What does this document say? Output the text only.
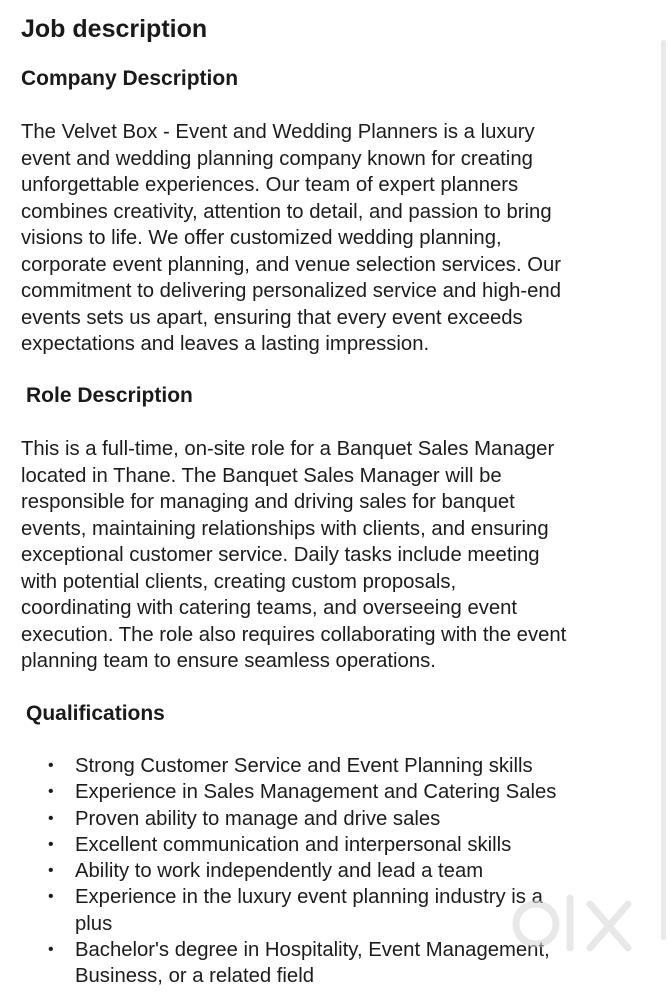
Job description
Company Description

The Velvet Box - Event and Wedding Planners is a luxury
event and wedding planning company known for creating
unforgettable experiences. Our team of expert planners
combines creativity, attention to detail, and passion to bring
visions to life. We offer customized wedding planning,
corporate event planning, and venue selection services. Our
commitment to delivering personalized service and high-end
events sets us apart, ensuring that every event exceeds
expectations and leaves a lasting impression.

Role Description

This is a full-time, on-site role for a Banquet Sales Manager
located in Thane. The Banquet Sales Manager will be
responsible for managing and driving sales for banquet
events, maintaining relationships with clients, and ensuring
exceptional customer service. Daily tasks include meeting
with potential clients, creating custom proposals,
coordinating with catering teams, and overseeing event
execution. The role also requires collaborating with the event
planning team to ensure seamless operations.

Qualifications
• Strong Customer Service and Event Planning skills
• Experience in Sales Management and Catering Sales
• Proven ability to manage and drive sales
• Excellent communication and interpersonal skills
• Ability to work independently and lead a team
• Experience in the luxury event planning industry is a
plus
• Bachelor's degree in Hospitality, Event Management,
Business, or a related field
